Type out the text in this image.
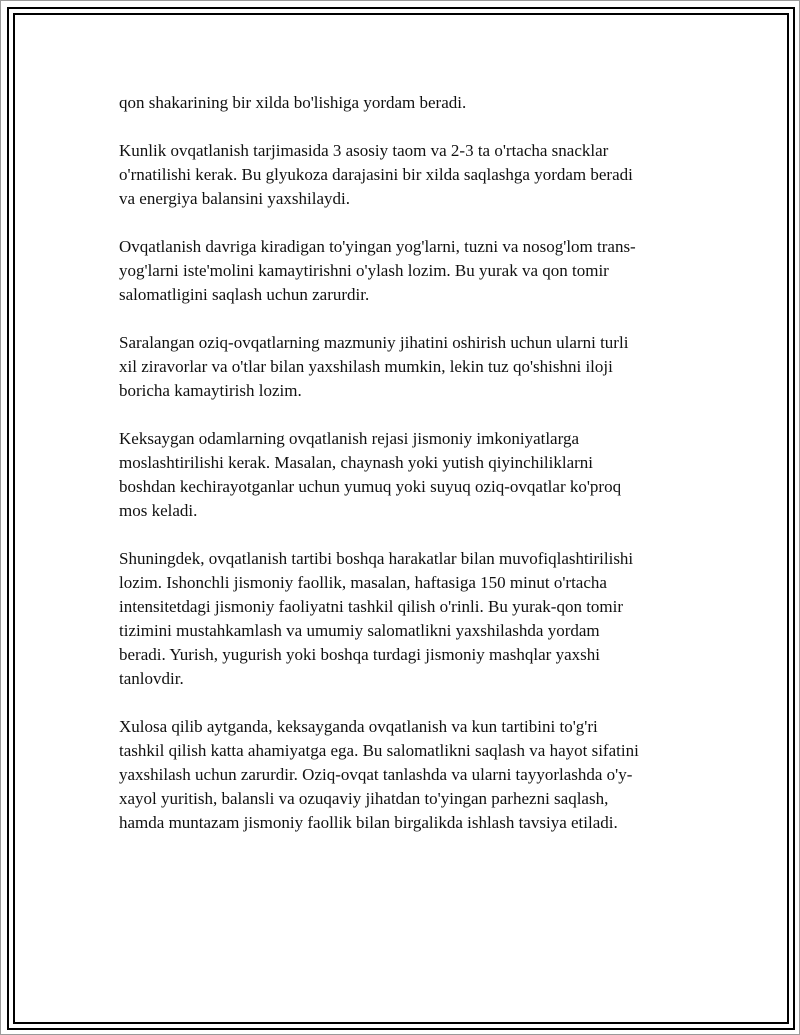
qon shakarining bir xilda bo'lishiga yordam beradi.

Kunlik ovqatlanish tarjimasida 3 asosiy taom va 2-3 ta o'rtacha snacklar
o'rnatilishi kerak. Bu glyukoza darajasini bir xilda saqlashga yordam beradi
va energiya balansini yaxshilaydi.

Ovqatlanish davriga kiradigan to'yingan yog'larni, tuzni va nosog'lom trans-
yog'larni iste'molini kamaytirishni o'ylash lozim. Bu yurak va qon tomir
salomatligini saqlash uchun zarurdir.

Saralangan oziq-ovqatlarning mazmuniy jihatini oshirish uchun ularni turli
xil ziravorlar va o'tlar bilan yaxshilash mumkin, lekin tuz qo'shishni iloji
boricha kamaytirish lozim.

Keksaygan odamlarning ovqatlanish rejasi jismoniy imkoniyatlarga
moslashtirilishi kerak. Masalan, chaynash yoki yutish qiyinchiliklarni
boshdan kechirayotganlar uchun yumuq yoki suyuq oziq-ovqatlar ko'proq
mos keladi.

Shuningdek, ovqatlanish tartibi boshqa harakatlar bilan muvofiqlashtirilishi
lozim. Ishonchli jismoniy faollik, masalan, haftasiga 150 minut o'rtacha
intensitetdagi jismoniy faoliyatni tashkil qilish o'rinli. Bu yurak-qon tomir
tizimini mustahkamlash va umumiy salomatlikni yaxshilashda yordam
beradi. Yurish, yugurish yoki boshqa turdagi jismoniy mashqlar yaxshi
tanlovdir.

Xulosa qilib aytganda, keksayganda ovqatlanish va kun tartibini to'g'ri
tashkil qilish katta ahamiyatga ega. Bu salomatlikni saqlash va hayot sifatini
yaxshilash uchun zarurdir. Oziq-ovqat tanlashda va ularni tayyorlashda o'y-
xayol yuritish, balansli va ozuqaviy jihatdan to'yingan parhezni saqlash,
hamda muntazam jismoniy faollik bilan birgalikda ishlash tavsiya etiladi.
